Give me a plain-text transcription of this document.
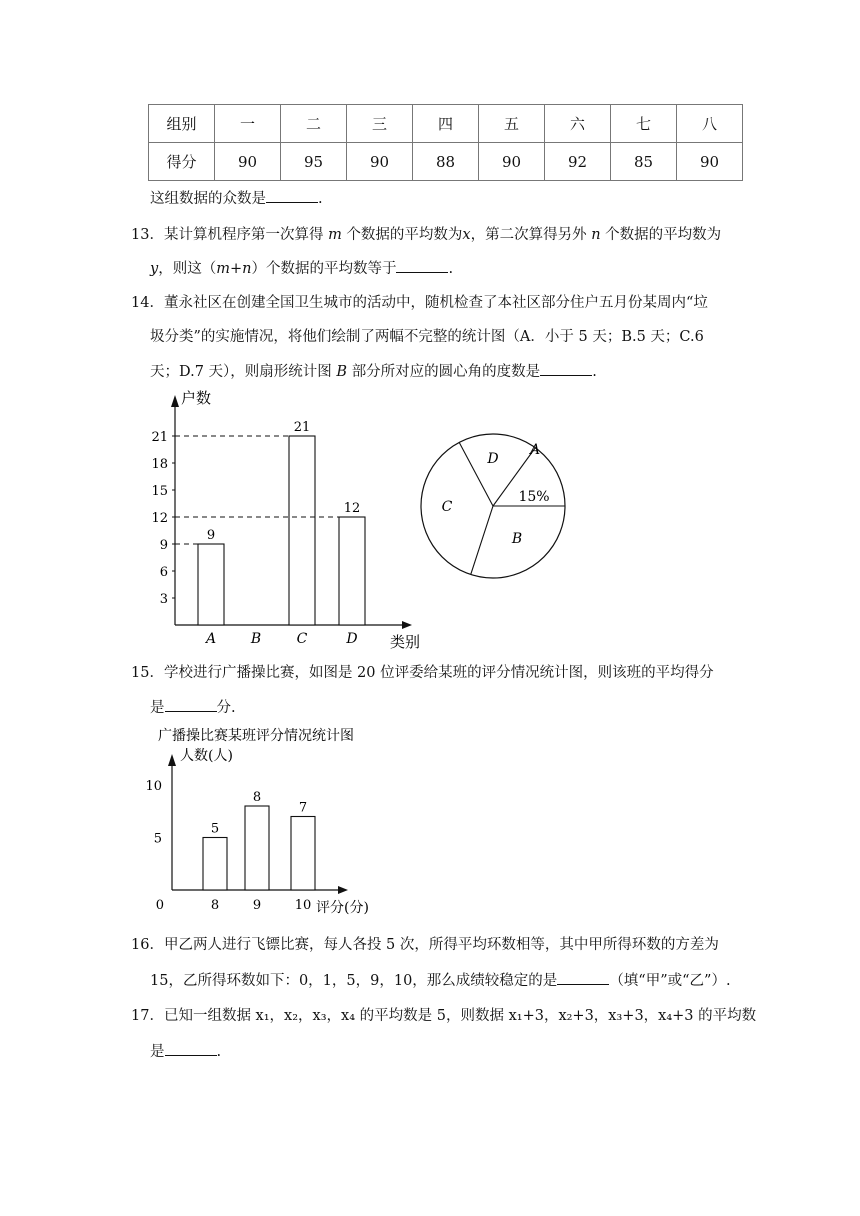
组别	一	二	三	四	五	六	七	八
得分	90	95	90	88	90	92	85	90
这组数据的众数是	.
13．某计算机程序第一次算得 m 个数据的平均数为x，第二次算得另外 n 个数据的平均数为
y，则这（m+n）个数据的平均数等于	.
14．董永社区在创建全国卫生城市的活动中，随机检查了本社区部分住户五月份某周内“垃
圾分类”的实施情况，将他们绘制了两幅不完整的统计图（A．小于 5 天；B.5 天；C.6
天；D.7 天），则扇形统计图 B 部分所对应的圆心角的度数是	.
户数
类别
3
6
9
12
15
18
21
A
9
B	C
21
D
12
A
B
C
D
15%
15．学校进行广播操比赛，如图是 20 位评委给某班的评分情况统计图，则该班的平均得分
是	分.
广播操比赛某班评分情况统计图
人数(人)
5
10
0
5
8
8
9
7
10 评分(分)
16．甲乙两人进行飞镖比赛，每人各投 5 次，所得平均环数相等，其中甲所得环数的方差为
15，乙所得环数如下：0，1，5，9，10，那么成绩较稳定的是	（填“甲”或“乙”）.
17．已知一组数据 x₁，x₂，x₃，x₄ 的平均数是 5，则数据 x₁+3，x₂+3，x₃+3，x₄+3 的平均数
是	.
